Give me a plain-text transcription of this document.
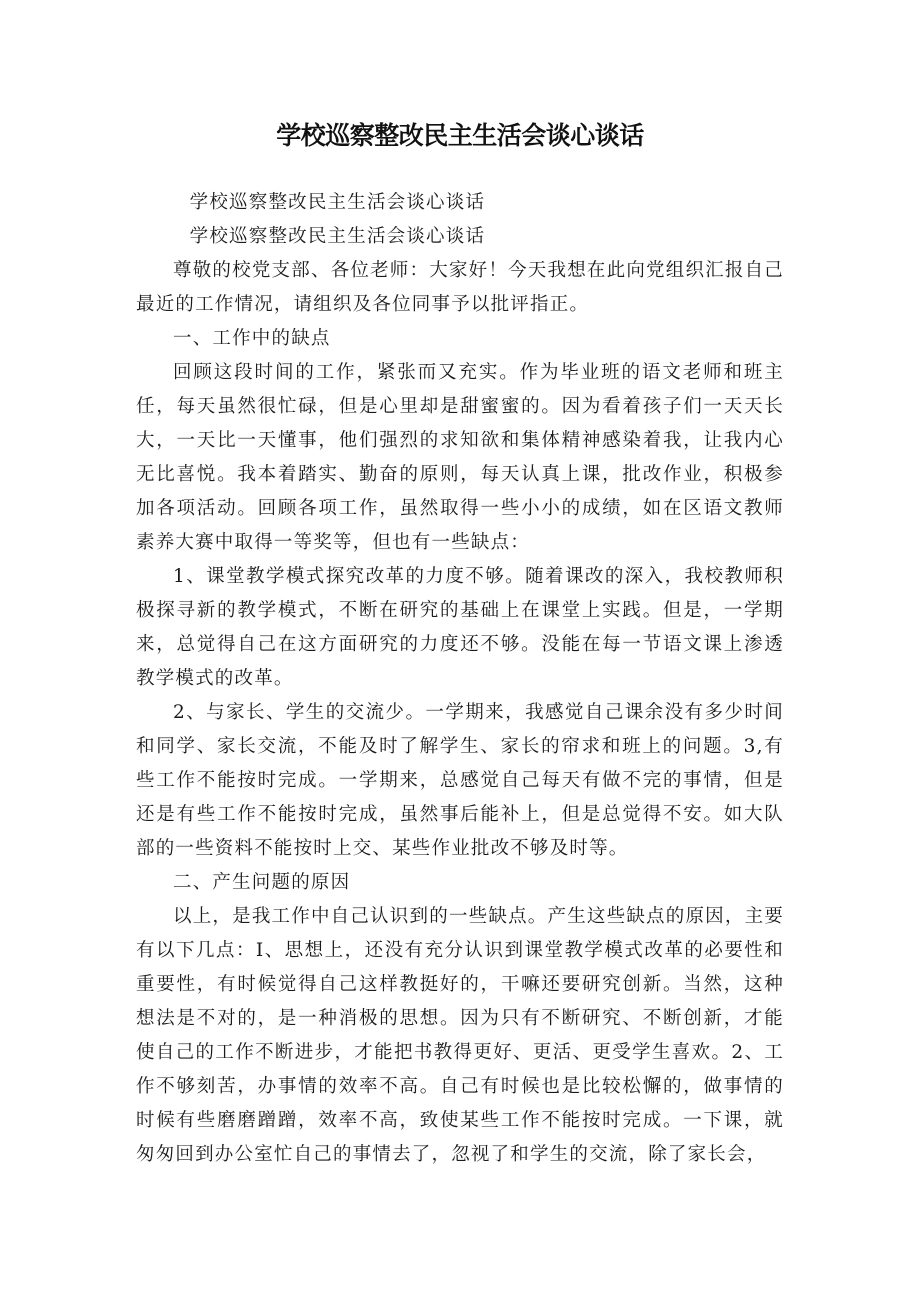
学校巡察整改民主生活会谈心谈话

学校巡察整改民主生活会谈心谈话

学校巡察整改民主生活会谈心谈话

尊敬的校党支部、各位老师：大家好！今天我想在此向党组织汇报自己最近的工作情况，请组织及各位同事予以批评指正。

一、工作中的缺点

回顾这段时间的工作，紧张而又充实。作为毕业班的语文老师和班主任，每天虽然很忙碌，但是心里却是甜蜜蜜的。因为看着孩子们一天天长大，一天比一天懂事，他们强烈的求知欲和集体精神感染着我，让我内心无比喜悦。我本着踏实、勤奋的原则，每天认真上课，批改作业，积极参加各项活动。回顾各项工作，虽然取得一些小小的成绩，如在区语文教师素养大赛中取得一等奖等，但也有一些缺点：

1、课堂教学模式探究改革的力度不够。随着课改的深入，我校教师积极探寻新的教学模式，不断在研究的基础上在课堂上实践。但是，一学期来，总觉得自己在这方面研究的力度还不够。没能在每一节语文课上渗透教学模式的改革。

2、与家长、学生的交流少。一学期来，我感觉自己课余没有多少时间和同学、家长交流，不能及时了解学生、家长的帘求和班上的问题。3,有些工作不能按时完成。一学期来，总感觉自己每天有做不完的事情，但是还是有些工作不能按时完成，虽然事后能补上，但是总觉得不安。如大队部的一些资料不能按时上交、某些作业批改不够及时等。

二、产生问题的原因

以上，是我工作中自己认识到的一些缺点。产生这些缺点的原因，主要有以下几点：I、思想上，还没有充分认识到课堂教学模式改革的必要性和重要性，有时候觉得自己这样教挺好的，干嘛还要研究创新。当然，这种想法是不对的，是一种消极的思想。因为只有不断研究、不断创新，才能使自己的工作不断进步，才能把书教得更好、更活、更受学生喜欢。2、工作不够刻苦，办事情的效率不高。自己有时候也是比较松懈的，做事情的时候有些磨磨蹭蹭，效率不高，致使某些工作不能按时完成。一下课，就匆匆回到办公室忙自己的事情去了，忽视了和学生的交流，除了家长会，
